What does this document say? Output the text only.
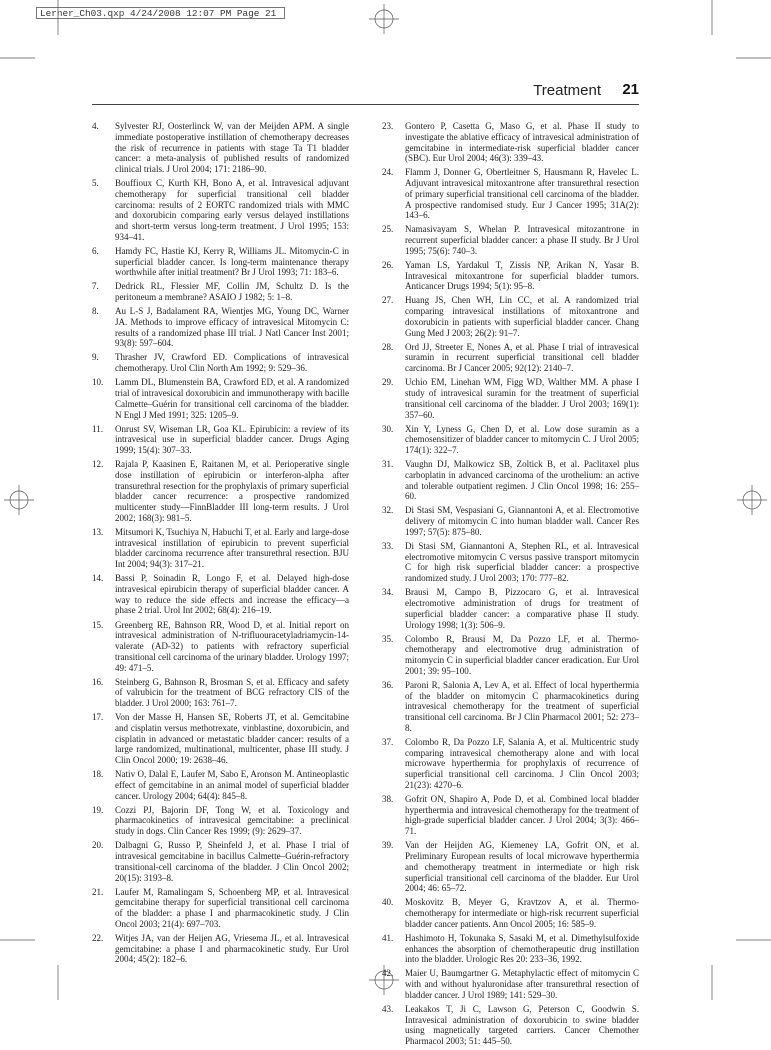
Lerner_Ch03.qxp 4/24/2008 12:07 PM Page 21
Treatment 21
4. Sylvester RJ, Oosterlinck W, van der Meijden APM. A single immediate postoperative instillation of chemotherapy decreases the risk of recurrence in patients with stage Ta T1 bladder cancer: a meta-analysis of published results of randomized clinical trials. J Urol 2004; 171: 2186–90.
5. Bouffioux C, Kurth KH, Bono A, et al. Intravesical adjuvant chemotherapy for superficial transitional cell bladder carcinoma: results of 2 EORTC randomized trials with MMC and doxorubicin comparing early versus delayed instillations and short-term versus long-term treatment. J Urol 1995; 153: 934–41.
6. Hamdy FC, Hastie KJ, Kerry R, Williams JL. Mitomycin-C in superficial bladder cancer. Is long-term maintenance therapy worthwhile after initial treatment? Br J Urol 1993; 71: 183–6.
7. Dedrick RL, Flessier MF, Collin JM, Schultz D. Is the peritoneum a membrane? ASAIO J 1982; 5: 1–8.
8. Au L-S J, Badalament RA, Wientjes MG, Young DC, Warner JA. Methods to improve efficacy of intravesical Mitomycin C: results of a randomized phase III trial. J Natl Cancer Inst 2001; 93(8): 597–604.
9. Thrasher JV, Crawford ED. Complications of intravesical chemotherapy. Urol Clin North Am 1992; 9: 529–36.
10. Lamm DL, Blumenstein BA, Crawford ED, et al. A randomized trial of intravesical doxorubicin and immunotherapy with bacille Calmette–Guérin for transitional cell carcinoma of the bladder. N Engl J Med 1991; 325: 1205–9.
11. Onrust SV, Wiseman LR, Goa KL. Epirubicin: a review of its intravesical use in superficial bladder cancer. Drugs Aging 1999; 15(4): 307–33.
12. Rajala P, Kaasinen E, Raitanen M, et al. Perioperative single dose instillation of epirubicin or interferon-alpha after transurethral resection for the prophylaxis of primary superficial bladder cancer recurrence: a prospective randomized multicenter study—FinnBladder III long-term results. J Urol 2002; 168(3): 981–5.
13. Mitsumori K, Tsuchiya N, Habuchi T, et al. Early and large-dose intravesical instillation of epirubicin to prevent superficial bladder carcinoma recurrence after transurethral resection. BJU Int 2004; 94(3): 317–21.
14. Bassi P, Soinadin R, Longo F, et al. Delayed high-dose intravesical epirubicin therapy of superficial bladder cancer. A way to reduce the side effects and increase the efficacy—a phase 2 trial. Urol Int 2002; 68(4): 216–19.
15. Greenberg RE, Bahnson RR, Wood D, et al. Initial report on intravesical administration of N-trifluouracetyladriamycin-14-valerate (AD-32) to patients with refractory superficial transitional cell carcinoma of the urinary bladder. Urology 1997; 49: 471–5.
16. Steinberg G, Bahnson R, Brosman S, et al. Efficacy and safety of valrubicin for the treatment of BCG refractory CIS of the bladder. J Urol 2000; 163: 761–7.
17. Von der Masse H, Hansen SE, Roberts JT, et al. Gemcitabine and cisplatin versus methotrexate, vinblastine, doxorubicin, and cisplatin in advanced or metastatic bladder cancer: results of a large randomized, multinational, multicenter, phase III study. J Clin Oncol 2000; 19: 2638–46.
18. Nativ O, Dalal E, Laufer M, Sabo E, Aronson M. Antineoplastic effect of gemcitabine in an animal model of superficial bladder cancer. Urology 2004; 64(4): 845–8.
19. Cozzi PJ, Bajorin DF, Tong W, et al. Toxicology and pharmacokinetics of intravesical gemcitabine: a preclinical study in dogs. Clin Cancer Res 1999; (9): 2629–37.
20. Dalbagni G, Russo P, Sheinfeld J, et al. Phase I trial of intravesical gemcitabine in bacillus Calmette–Guérin-refractory transitional-cell carcinoma of the bladder. J Clin Oncol 2002; 20(15): 3193–8.
21. Laufer M, Ramalingam S, Schoenberg MP, et al. Intravesical gemcitabine therapy for superficial transitional cell carcinoma of the bladder: a phase I and pharmacokinetic study. J Clin Oncol 2003; 21(4): 697–703.
22. Witjes JA, van der Heijen AG, Vriesema JL, et al. Intravesical gemcitabine: a phase I and pharmacokinetic study. Eur Urol 2004; 45(2): 182–6.
23. Gontero P, Casetta G, Maso G, et al. Phase II study to investigate the ablative efficacy of intravesical administration of gemcitabine in intermediate-risk superficial bladder cancer (SBC). Eur Urol 2004; 46(3): 339–43.
24. Flamm J, Donner G, Obertleitner S, Hausmann R, Havelec L. Adjuvant intravesical mitoxantrone after transurethral resection of primary superficial transitional cell carcinoma of the bladder. A prospective randomised study. Eur J Cancer 1995; 31A(2): 143–6.
25. Namasivayam S, Whelan P. Intravesical mitozantrone in recurrent superficial bladder cancer: a phase II study. Br J Urol 1995; 75(6): 740–3.
26. Yaman LS, Yardakul T, Zissis NP, Arikan N, Yasar B. Intravesical mitoxantrone for superficial bladder tumors. Anticancer Drugs 1994; 5(1): 95–8.
27. Huang JS, Chen WH, Lin CC, et al. A randomized trial comparing intravesical instillations of mitoxantrone and doxorubicin in patients with superficial bladder cancer. Chang Gung Med J 2003; 26(2): 91–7.
28. Ord JJ, Streeter E, Nones A, et al. Phase I trial of intravesical suramin in recurrent superficial transitional cell bladder carcinoma. Br J Cancer 2005; 92(12): 2140–7.
29. Uchio EM, Linehan WM, Figg WD, Walther MM. A phase I study of intravesical suramin for the treatment of superficial transitional cell carcinoma of the bladder. J Urol 2003; 169(1): 357–60.
30. Xin Y, Lyness G, Chen D, et al. Low dose suramin as a chemosensitizer of bladder cancer to mitomycin C. J Urol 2005; 174(1): 322–7.
31. Vaughn DJ, Malkowicz SB, Zoltick B, et al. Paclitaxel plus carboplatin in advanced carcinoma of the urothelium: an active and tolerable outpatient regimen. J Clin Oncol 1998; 16: 255–60.
32. Di Stasi SM, Vespasiani G, Giannantoni A, et al. Electromotive delivery of mitomycin C into human bladder wall. Cancer Res 1997; 57(5): 875–80.
33. Di Stasi SM, Giannantoni A, Stephen RL, et al. Intravesical electromotive mitomycin C versus passive transport mitomycin C for high risk superficial bladder cancer: a prospective randomized study. J Urol 2003; 170: 777–82.
34. Brausi M, Campo B, Pizzocaro G, et al. Intravesical electromotive administration of drugs for treatment of superficial bladder cancer: a comparative phase II study. Urology 1998; 1(3): 506–9.
35. Colombo R, Brausi M, Da Pozzo LF, et al. Thermo-chemotherapy and electromotive drug administration of mitomycin C in superficial bladder cancer eradication. Eur Urol 2001; 39: 95–100.
36. Paroni R, Salonia A, Lev A, et al. Effect of local hyperthermia of the bladder on mitomycin C pharmacokinetics during intravesical chemotherapy for the treatment of superficial transitional cell carcinoma. Br J Clin Pharmacol 2001; 52: 273–8.
37. Colombo R, Da Pozzo LF, Salania A, et al. Multicentric study comparing intravesical chemotherapy alone and with local microwave hyperthermia for prophylaxis of recurrence of superficial transitional cell carcinoma. J Clin Oncol 2003; 21(23): 4270–6.
38. Gofrit ON, Shapiro A, Pode D, et al. Combined local bladder hyperthermia and intravesical chemotherapy for the treatment of high-grade superficial bladder cancer. J Urol 2004; 3(3): 466–71.
39. Van der Heijden AG, Kiemeney LA, Gofrit ON, et al. Preliminary European results of local microwave hyperthermia and chemotherapy treatment in intermediate or high risk superficial transitional cell carcinoma of the bladder. Eur Urol 2004; 46: 65–72.
40. Moskovitz B, Meyer G, Kravtzov A, et al. Thermo-chemotherapy for intermediate or high-risk recurrent superficial bladder cancer patients. Ann Oncol 2005; 16: 585–9.
41. Hashimoto H, Tokunaka S, Sasaki M, et al. Dimethylsulfoxide enhances the absorption of chemotherapeutic drug instillation into the bladder. Urologic Res 20: 233–36, 1992.
42. Maier U, Baumgartner G. Metaphylactic effect of mitomycin C with and without hyaluronidase after transurethral resection of bladder cancer. J Urol 1989; 141: 529–30.
43. Leakakos T, Ji C, Lawson G, Peterson C, Goodwin S. Intravesical administration of doxorubicin to swine bladder using magnetically targeted carriers. Cancer Chemother Pharmacol 2003; 51: 445–50.
